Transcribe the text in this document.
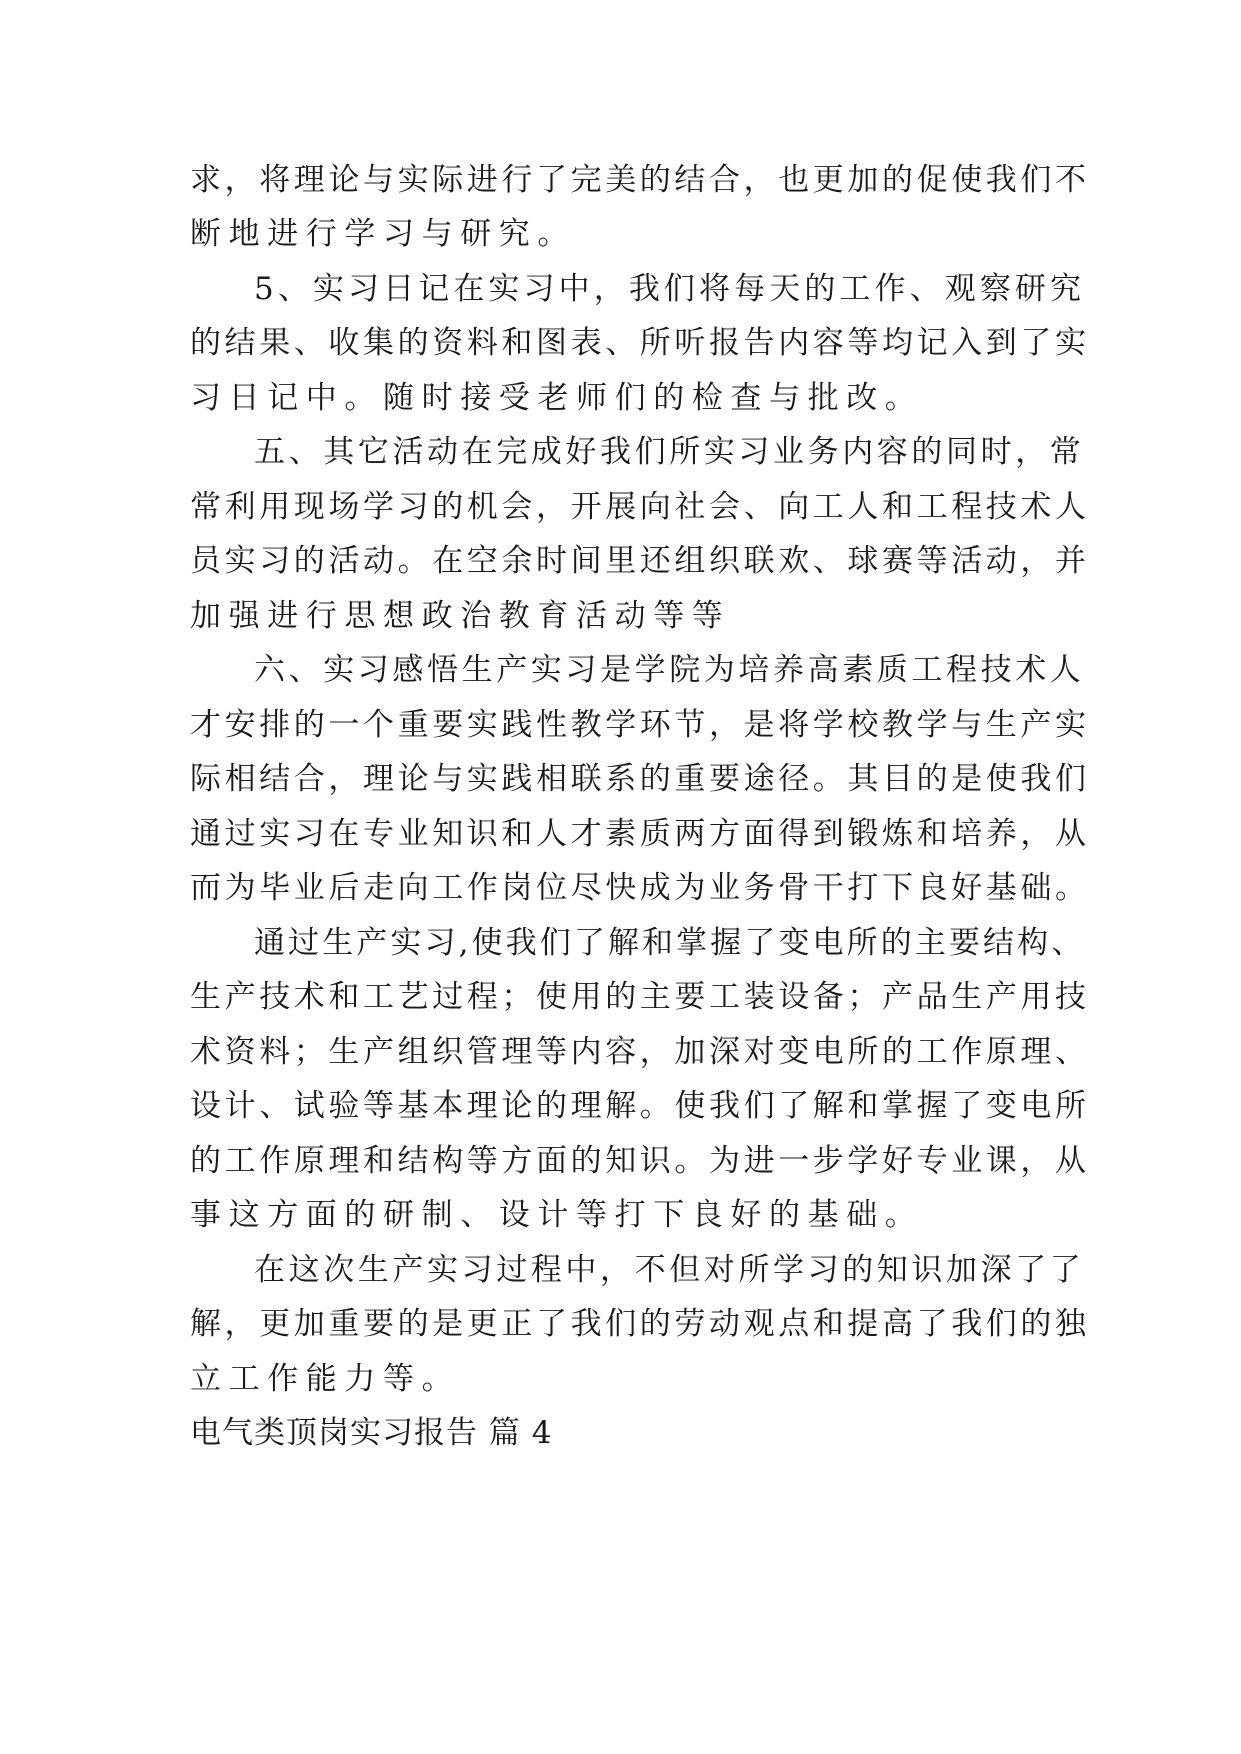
求，将理论与实际进行了完美的结合，也更加的促使我们不
断地进行学习与研究。
5、实习日记在实习中，我们将每天的工作、观察研究
的结果、收集的资料和图表、所听报告内容等均记入到了实
习日记中。随时接受老师们的检查与批改。
五、其它活动在完成好我们所实习业务内容的同时，常
常利用现场学习的机会，开展向社会、向工人和工程技术人
员实习的活动。在空余时间里还组织联欢、球赛等活动，并
加强进行思想政治教育活动等等
六、实习感悟生产实习是学院为培养高素质工程技术人
才安排的一个重要实践性教学环节，是将学校教学与生产实
际相结合，理论与实践相联系的重要途径。其目的是使我们
通过实习在专业知识和人才素质两方面得到锻炼和培养，从
而为毕业后走向工作岗位尽快成为业务骨干打下良好基础。
通过生产实习,使我们了解和掌握了变电所的主要结构、
生产技术和工艺过程；使用的主要工装设备；产品生产用技
术资料；生产组织管理等内容，加深对变电所的工作原理、
设计、试验等基本理论的理解。使我们了解和掌握了变电所
的工作原理和结构等方面的知识。为进一步学好专业课，从
事这方面的研制、设计等打下良好的基础。
在这次生产实习过程中，不但对所学习的知识加深了了
解，更加重要的是更正了我们的劳动观点和提高了我们的独
立工作能力等。
电气类顶岗实习报告 篇 4
